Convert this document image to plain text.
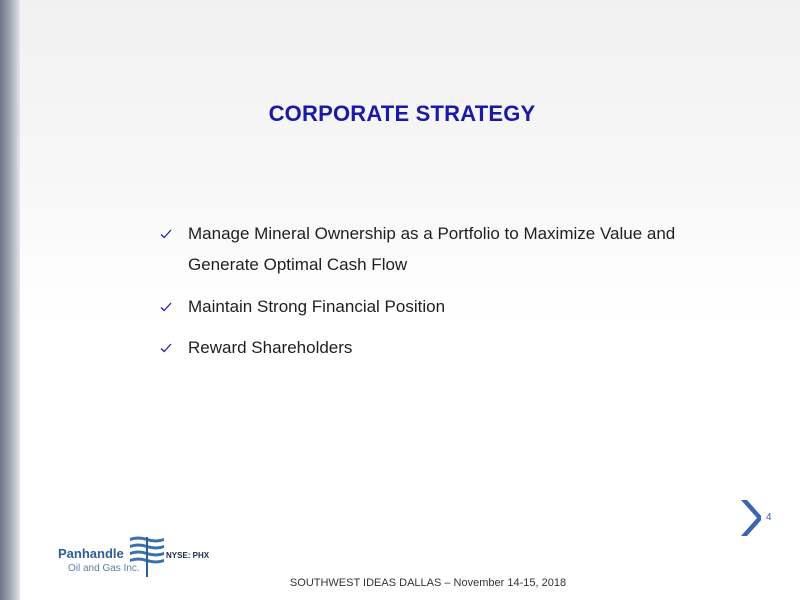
CORPORATE STRATEGY
Manage Mineral Ownership as a Portfolio to Maximize Value and Generate Optimal Cash Flow
Maintain Strong Financial Position
Reward Shareholders
4
Panhandle
Oil and Gas Inc.
NYSE: PHX
SOUTHWEST IDEAS DALLAS – November 14-15, 2018
